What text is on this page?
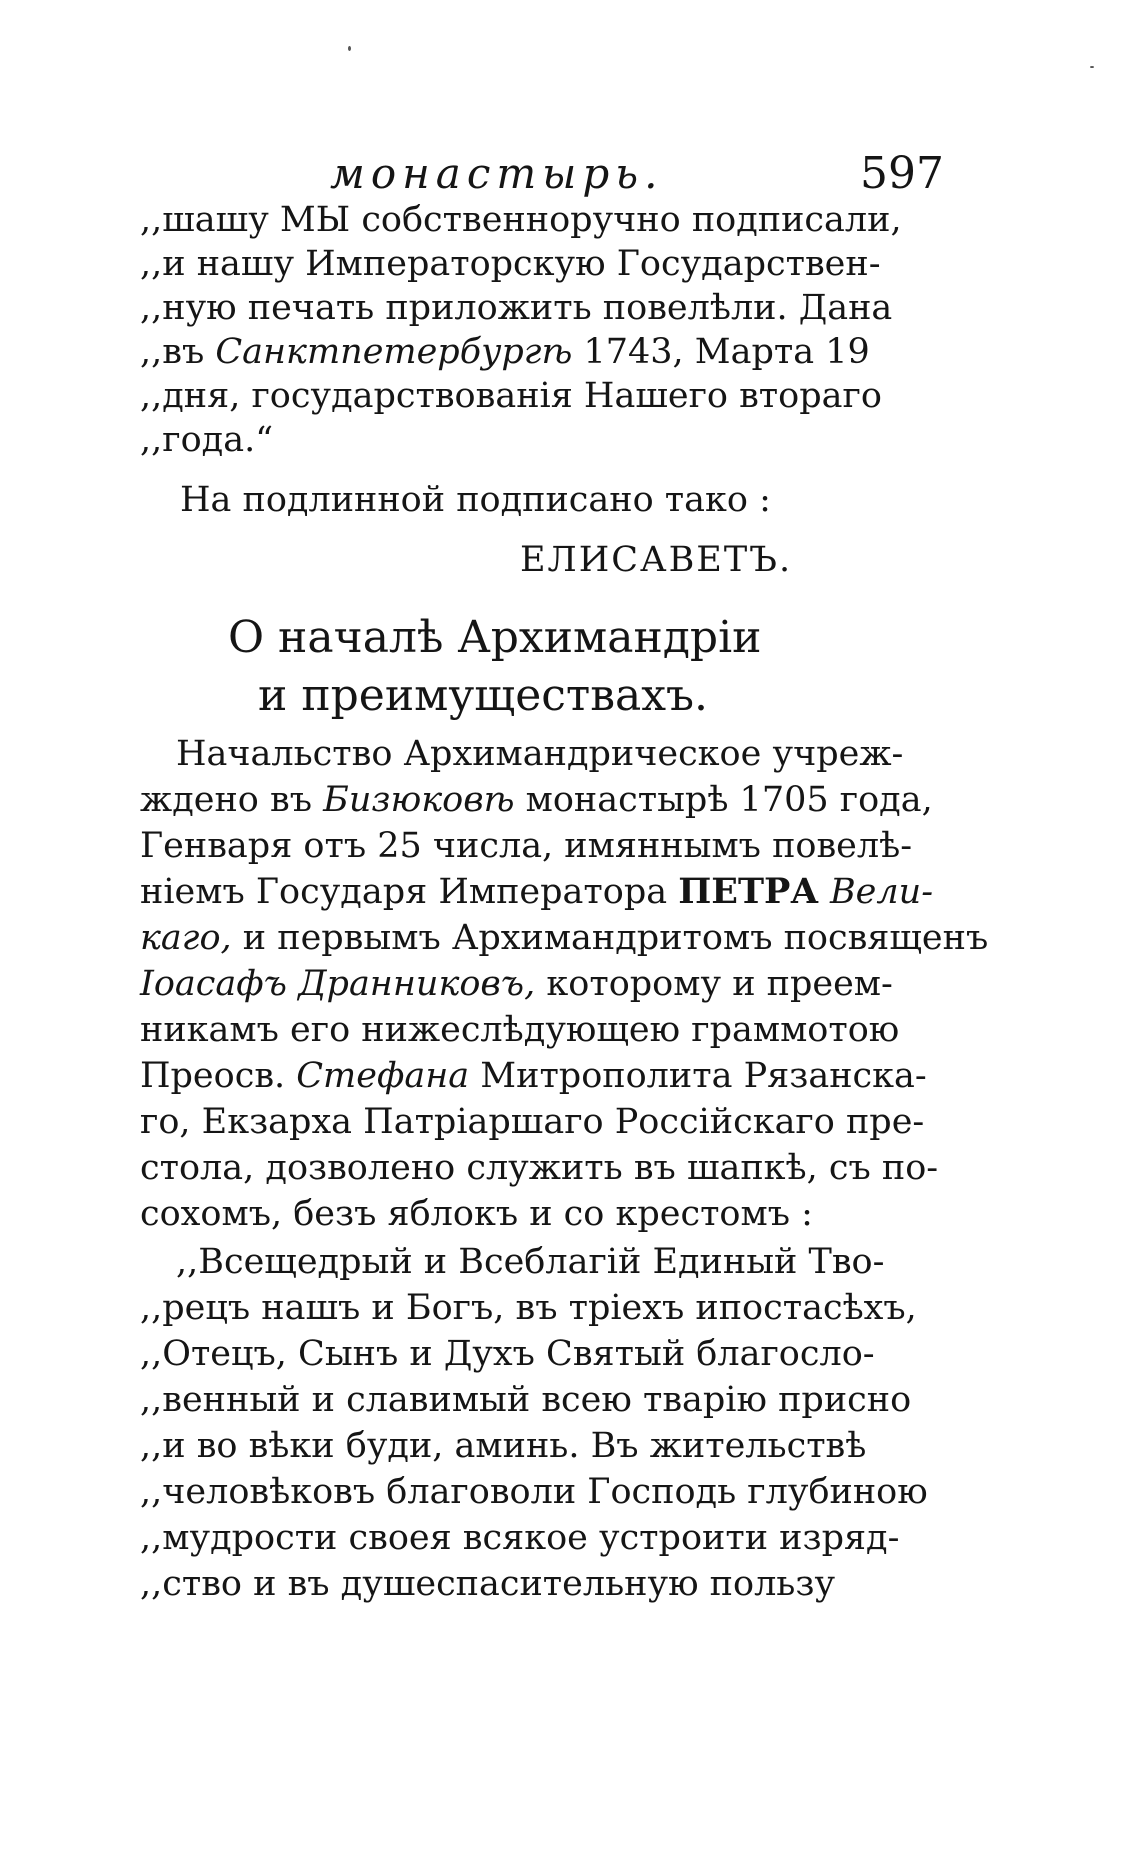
монастырь.	597
,,шашу МЫ собственноручно подписали,
,,и нашу Императорскую Государствен-
,,ную печать приложить повелѣли. Дана
,,въ Санктпетербургѣ 1743, Марта 19
,,дня, государствованія Нашего втораго
,,года.“
На подлинной подписано тако :
ЕЛИСАВЕТЪ.
О началѣ Архимандріи
и преимуществахъ.
Начальство Архимандрическое учреж-
ждено въ Бизюковѣ монастырѣ 1705 года,
Генваря отъ 25 числа, имяннымъ повелѣ-
ніемъ Государя Императора ПЕТРА Вели-
каго, и первымъ Архимандритомъ посвященъ
Іоасафъ Дранниковъ, которому и преем-
никамъ его нижеслѣдующею граммотою
Преосв. Стефана Митрополита Рязанска-
го, Екзарха Патріаршаго Россійскаго пре-
стола, дозволено служить въ шапкѣ, съ по-
сохомъ, безъ яблокъ и со крестомъ :
,,Всещедрый и Всеблагій Единый Тво-
,,рецъ нашъ и Богъ, въ тріехъ ипостасѣхъ,
,,Отецъ, Сынъ и Духъ Святый благосло-
,,венный и славимый всею тварію присно
,,и во вѣки буди, аминь. Въ жительствѣ
,,человѣковъ благоволи Господь глубиною
,,мудрости своея всякое устроити изряд-
,,ство и въ душеспасительную пользу
